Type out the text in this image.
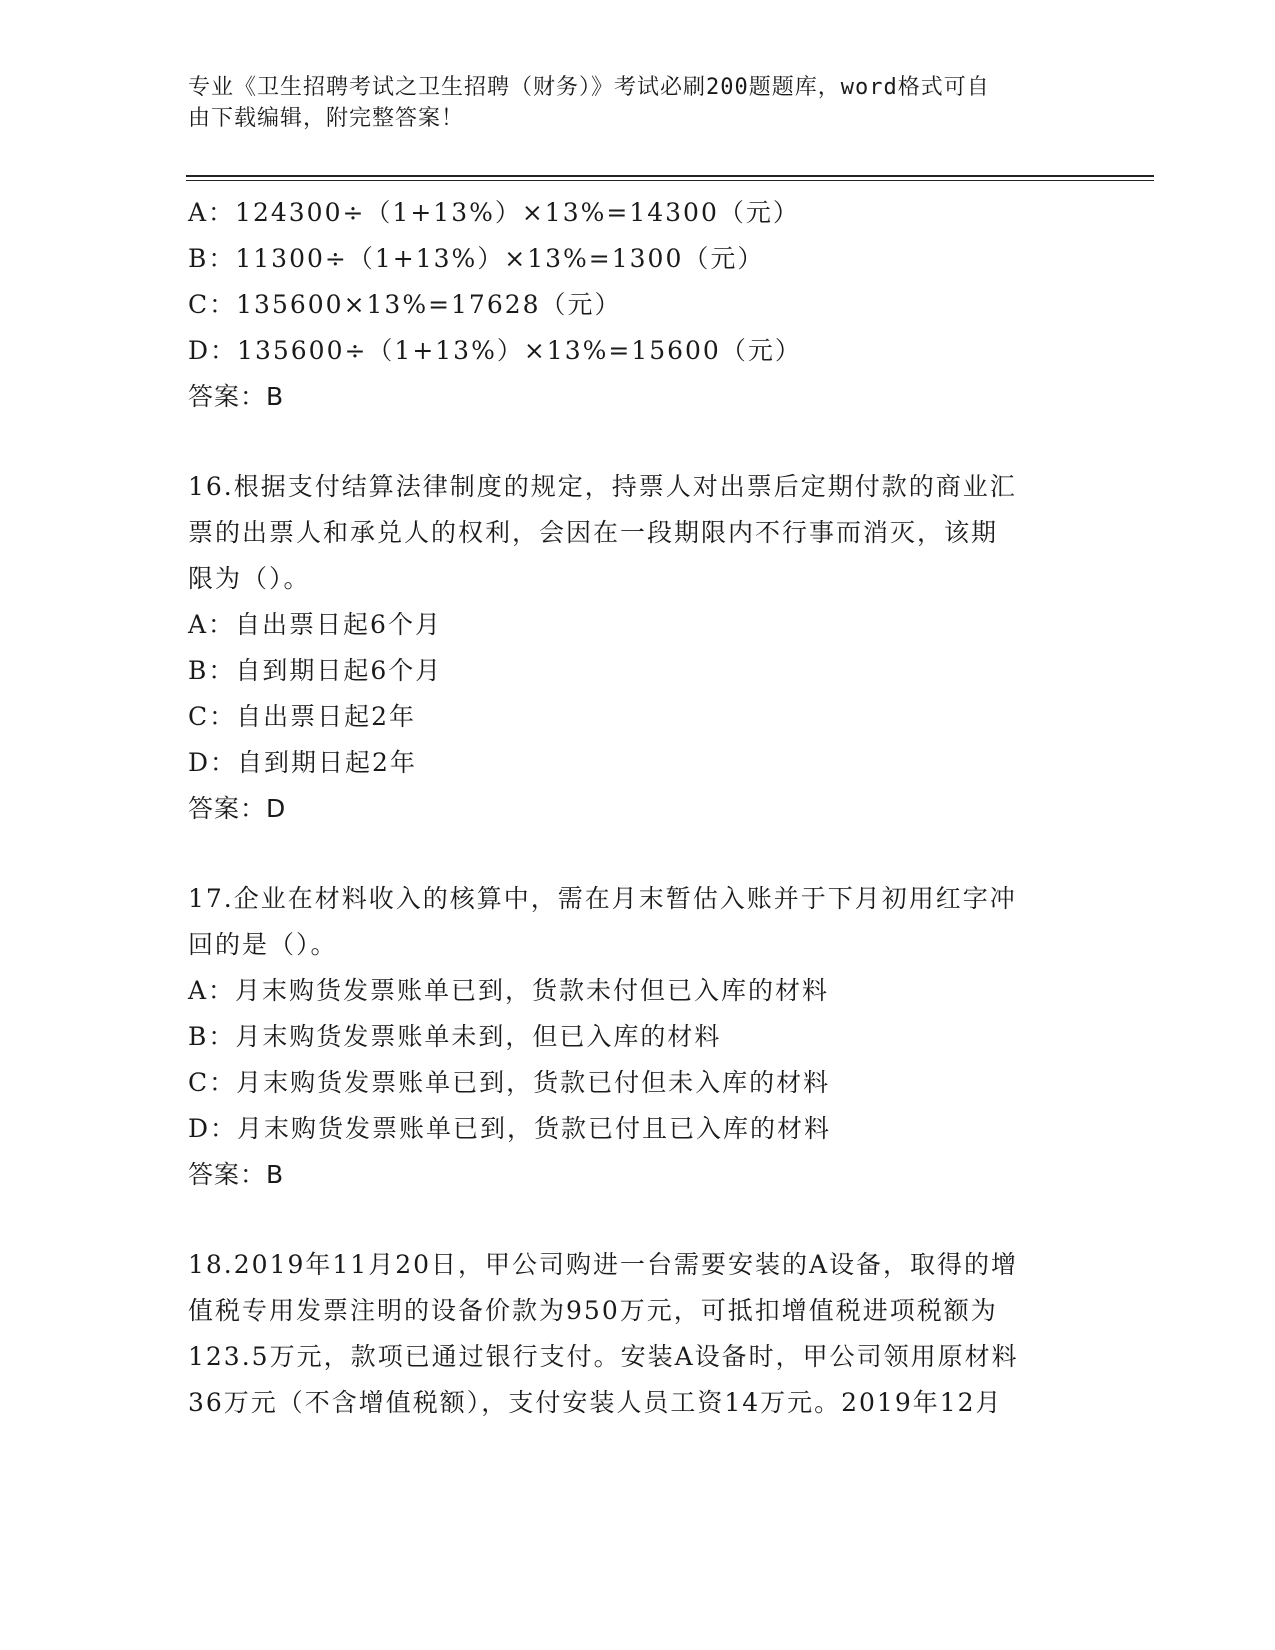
专业《卫生招聘考试之卫生招聘（财务）》考试必刷200题题库，word格式可自
由下载编辑，附完整答案！
A：124300÷（1+13%）×13%=14300（元）
B：11300÷（1+13%）×13%=1300（元）
C：135600×13%=17628（元）
D：135600÷（1+13%）×13%=15600（元）
答案：B
16.根据支付结算法律制度的规定，持票人对出票后定期付款的商业汇
票的出票人和承兑人的权利，会因在一段期限内不行事而消灭，该期
限为（）。
A：自出票日起6个月
B：自到期日起6个月
C：自出票日起2年
D：自到期日起2年
答案：D
17.企业在材料收入的核算中，需在月末暂估入账并于下月初用红字冲
回的是（）。
A：月末购货发票账单已到，货款未付但已入库的材料
B：月末购货发票账单未到，但已入库的材料
C：月末购货发票账单已到，货款已付但未入库的材料
D：月末购货发票账单已到，货款已付且已入库的材料
答案：B
18.2019年11月20日，甲公司购进一台需要安装的A设备，取得的增
值税专用发票注明的设备价款为950万元，可抵扣增值税进项税额为
123.5万元，款项已通过银行支付。安装A设备时，甲公司领用原材料
36万元（不含增值税额），支付安装人员工资14万元。2019年12月
